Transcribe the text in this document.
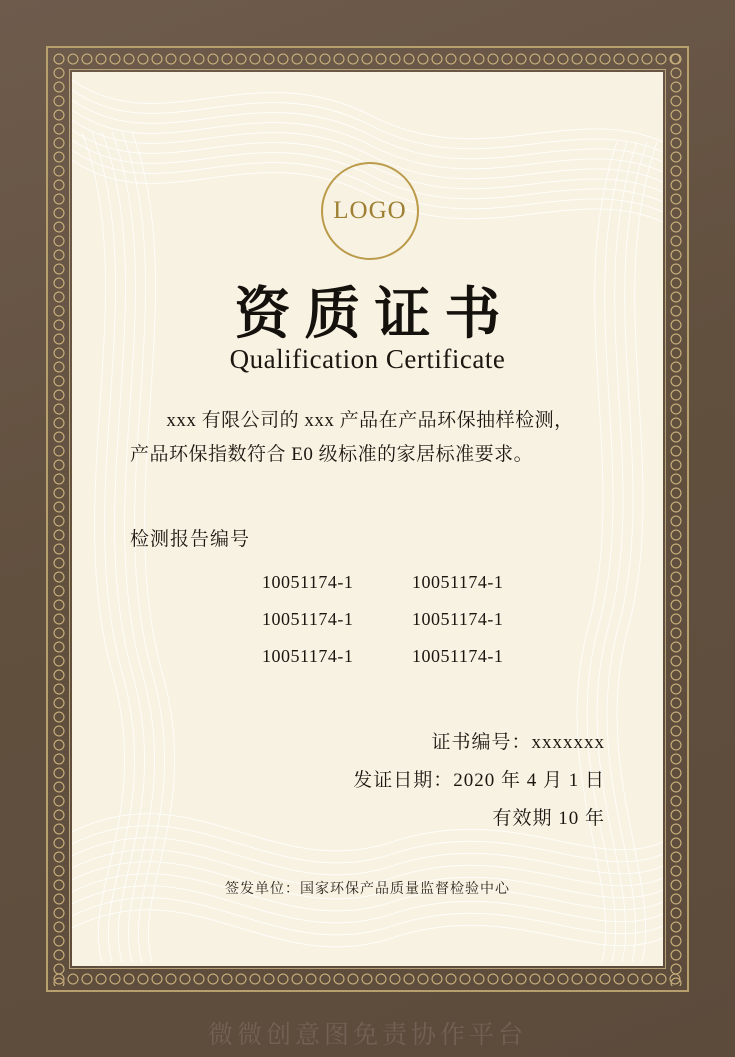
LOGO
资质证书
Qualification Certificate
xxx 有限公司的 xxx 产品在产品环保抽样检测，
产品环保指数符合 E0 级标准的家居标准要求。
检测报告编号
10051174-1	10051174-1
10051174-1	10051174-1
10051174-1	10051174-1
证书编号：xxxxxxx
发证日期：2020 年 4 月 1 日
有效期 10 年
签发单位：国家环保产品质量监督检验中心
微微创意图免责协作平台
